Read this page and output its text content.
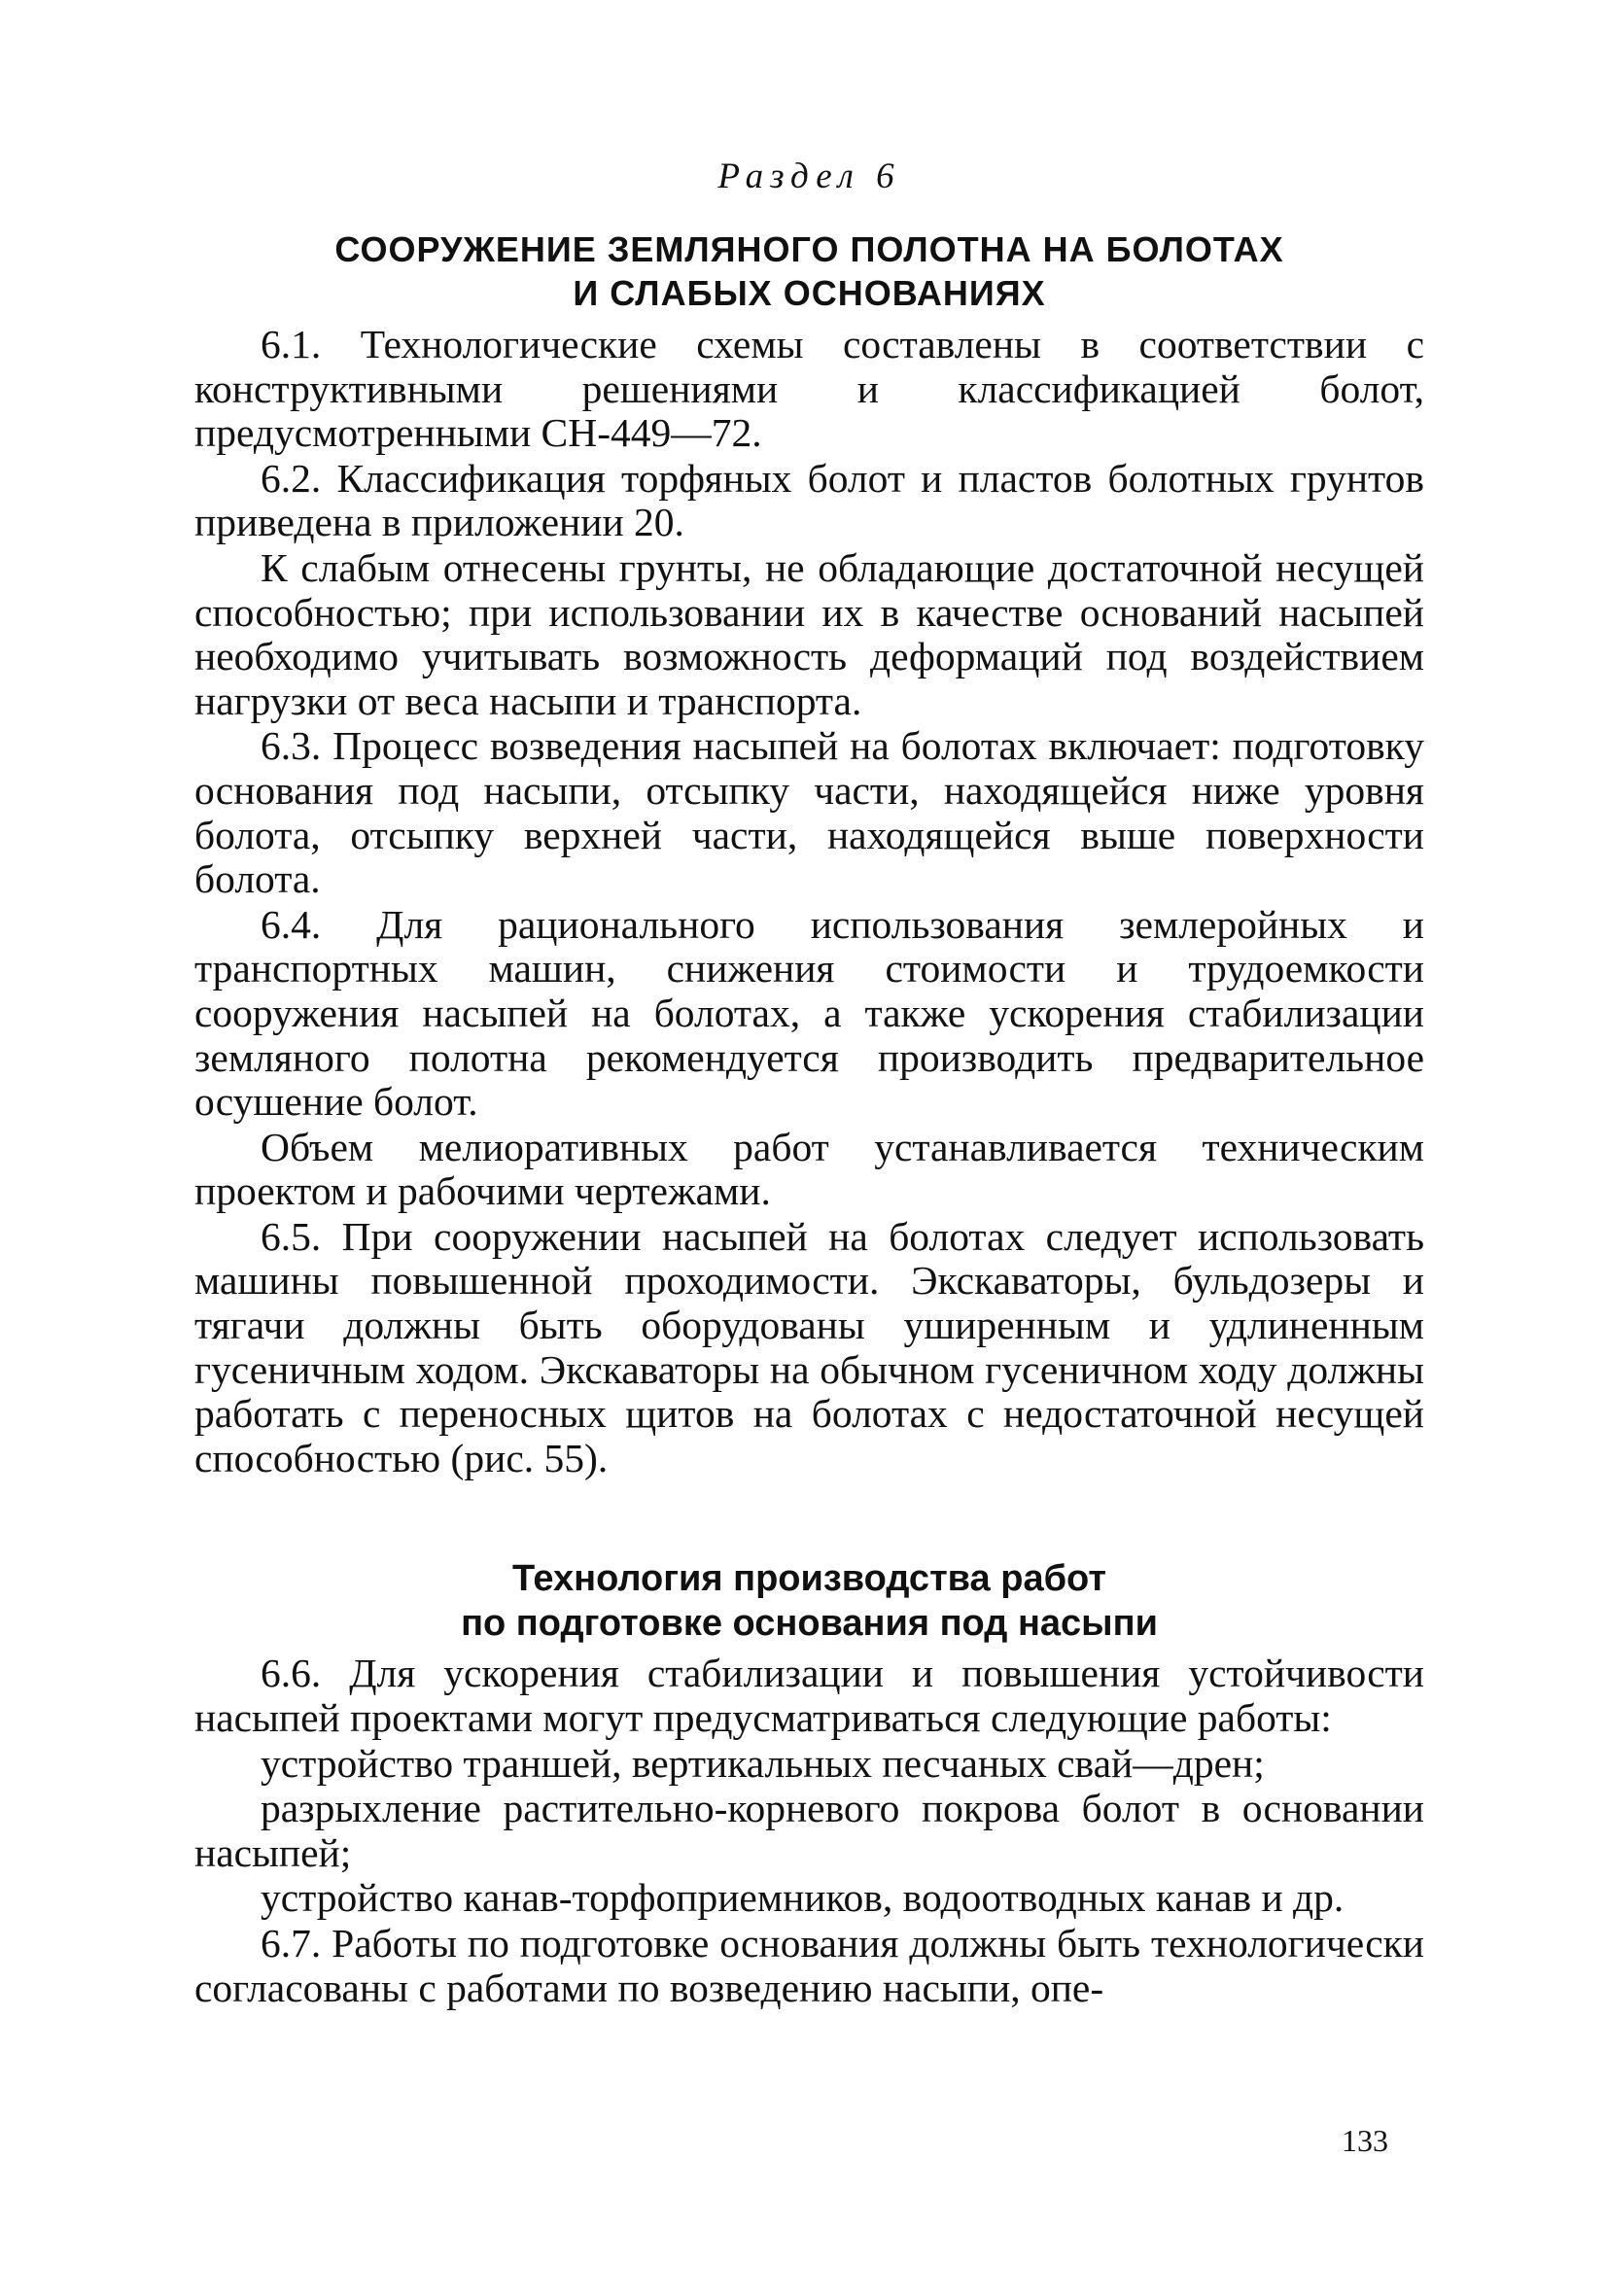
Раздел 6
СООРУЖЕНИЕ ЗЕМЛЯНОГО ПОЛОТНА НА БОЛОТАХ
И СЛАБЫХ ОСНОВАНИЯХ

6.1. Технологические схемы составлены в соответствии с конструктивными решениями и классификацией болот, предусмотренными СН-449—72.

6.2. Классификация торфяных болот и пластов болотных грунтов приведена в приложении 20.

К слабым отнесены грунты, не обладающие достаточной несущей способностью; при использовании их в качестве оснований насыпей необходимо учитывать возможность деформаций под воздействием нагрузки от веса насыпи и транспорта.

6.3. Процесс возведения насыпей на болотах включает: подготовку основания под насыпи, отсыпку части, находящейся ниже уровня болота, отсыпку верхней части, находящейся выше поверхности болота.

6.4. Для рационального использования землеройных и транспортных машин, снижения стоимости и трудоемкости сооружения насыпей на болотах, а также ускорения стабилизации земляного полотна рекомендуется производить предварительное осушение болот.

Объем мелиоративных работ устанавливается техническим проектом и рабочими чертежами.

6.5. При сооружении насыпей на болотах следует использовать машины повышенной проходимости. Экскаваторы, бульдозеры и тягачи должны быть оборудованы уширенным и удлиненным гусеничным ходом. Экскаваторы на обычном гусеничном ходу должны работать с переносных щитов на болотах с недостаточной несущей способностью (рис. 55).

Технология производства работ
по подготовке основания под насыпи

6.6. Для ускорения стабилизации и повышения устойчивости насыпей проектами могут предусматриваться следующие работы:

устройство траншей, вертикальных песчаных свай—дрен;

разрыхление растительно-корневого покрова болот в основании насыпей;

устройство канав-торфоприемников, водоотводных канав и др.

6.7. Работы по подготовке основания должны быть технологически согласованы с работами по возведению насыпи, опе-

133
